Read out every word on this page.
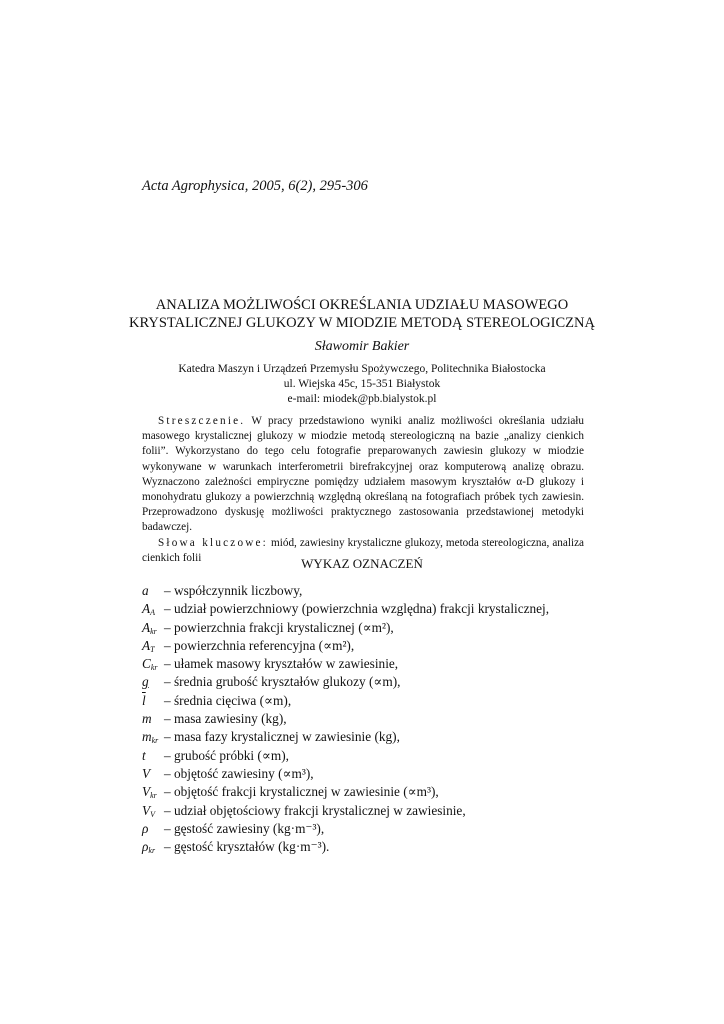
Acta Agrophysica, 2005, 6(2), 295-306
ANALIZA MOŻLIWOŚCI OKREŚLANIA UDZIAŁU MASOWEGO
KRYSTALICZNEJ GLUKOZY W MIODZIE METODĄ STEREOLOGICZNĄ
Sławomir Bakier
Katedra Maszyn i Urządzeń Przemysłu Spożywczego, Politechnika Białostocka
ul. Wiejska 45c, 15-351 Białystok
e-mail: miodek@pb.bialystok.pl

Streszczenie. W pracy przedstawiono wyniki analiz możliwości określania udziału masowego krystalicznej glukozy w miodzie metodą stereologiczną na bazie „analizy cienkich folii”. Wykorzystano do tego celu fotografie preparowanych zawiesin glukozy w miodzie wykonywane w warunkach interferometrii birefrakcyjnej oraz komputerową analizę obrazu. Wyznaczono zależności empiryczne pomiędzy udziałem masowym kryształów α-D glukozy i monohydratu glukozy a powierzchnią względną określaną na fotografiach próbek tych zawiesin. Przeprowadzono dyskusję możliwości praktycznego zastosowania przedstawionej metodyki badawczej.

Słowa kluczowe: miód, zawiesiny krystaliczne glukozy, metoda stereologiczna, analiza cienkich folii	WYKAZ OZNACZEŃ
a – współczynnik liczbowy,
$A_A$ – udział powierzchniowy (powierzchnia względna) frakcji krystalicznej,
$A_{kr}$ – powierzchnia frakcji krystalicznej (∝m²),
$A_T$ – powierzchnia referencyjna (∝m²),
$C_{kr}$ – ułamek masowy kryształów w zawiesinie,
g – średnia grubość kryształów glukozy (∝m),
$\overline{l}$ – średnia cięciwa (∝m),
m – masa zawiesiny (kg),
$m_{kr}$ – masa fazy krystalicznej w zawiesinie (kg),
t – grubość próbki (∝m),
V – objętość zawiesiny (∝m³),
$V_{kr}$ – objętość frakcji krystalicznej w zawiesinie (∝m³),
$V_V$ – udział objętościowy frakcji krystalicznej w zawiesinie,
ρ – gęstość zawiesiny (kg·m⁻³),
$\rho_{kr}$ – gęstość kryształów (kg·m⁻³).
